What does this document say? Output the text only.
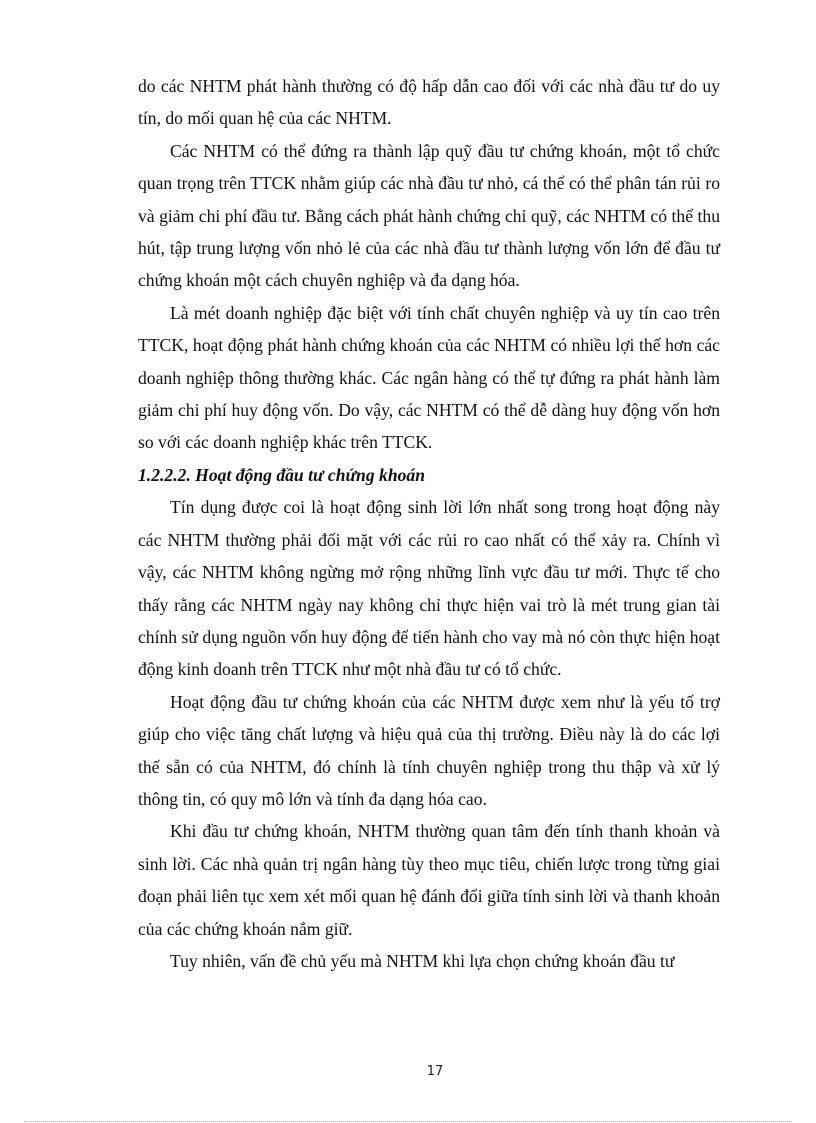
do các NHTM phát hành thường có độ hấp dẫn cao đối với các nhà đầu tư do uy tín, do mối quan hệ của các NHTM.

Các NHTM có thể đứng ra thành lập quỹ đầu tư chứng khoán, một tổ chức quan trọng trên TTCK nhằm giúp các nhà đầu tư nhỏ, cá thể có thể phân tán rủi ro và giảm chi phí đầu tư. Bằng cách phát hành chứng chỉ quỹ, các NHTM có thể thu hút, tập trung lượng vốn nhỏ lẻ của các nhà đầu tư thành lượng vốn lớn để đầu tư chứng khoán một cách chuyên nghiệp và đa dạng hóa.

Là mét doanh nghiệp đặc biệt với tính chất chuyên nghiệp và uy tín cao trên TTCK, hoạt động phát hành chứng khoán của các NHTM có nhiều lợi thế hơn các doanh nghiệp thông thường khác. Các ngân hàng có thể tự đứng ra phát hành làm giảm chi phí huy động vốn. Do vậy, các NHTM có thể dễ dàng huy động vốn hơn so với các doanh nghiệp khác trên TTCK.

1.2.2.2. Hoạt động đầu tư chứng khoán

Tín dụng được coi là hoạt động sinh lời lớn nhất song trong hoạt động này các NHTM thường phải đối mặt với các rủi ro cao nhất có thể xảy ra. Chính vì vậy, các NHTM không ngừng mở rộng những lĩnh vực đầu tư mới. Thực tế cho thấy rằng các NHTM ngày nay không chỉ thực hiện vai trò là mét trung gian tài chính sử dụng nguồn vốn huy động để tiến hành cho vay mà nó còn thực hiện hoạt động kinh doanh trên TTCK như một nhà đầu tư có tổ chức.

Hoạt động đầu tư chứng khoán của các NHTM được xem như là yếu tố trợ giúp cho việc tăng chất lượng và hiệu quả của thị trường. Điều này là do các lợi thế sẵn có của NHTM, đó chính là tính chuyên nghiệp trong thu thập và xử lý thông tin, có quy mô lớn và tính đa dạng hóa cao.

Khi đầu tư chứng khoán, NHTM thường quan tâm đến tính thanh khoản và sinh lời. Các nhà quản trị ngân hàng tùy theo mục tiêu, chiến lược trong từng giai đoạn phải liên tục xem xét mối quan hệ đánh đổi giữa tính sinh lời và thanh khoản của các chứng khoán nắm giữ.

Tuy nhiên, vấn đề chủ yếu mà NHTM khi lựa chọn chứng khoán đầu tư

17
